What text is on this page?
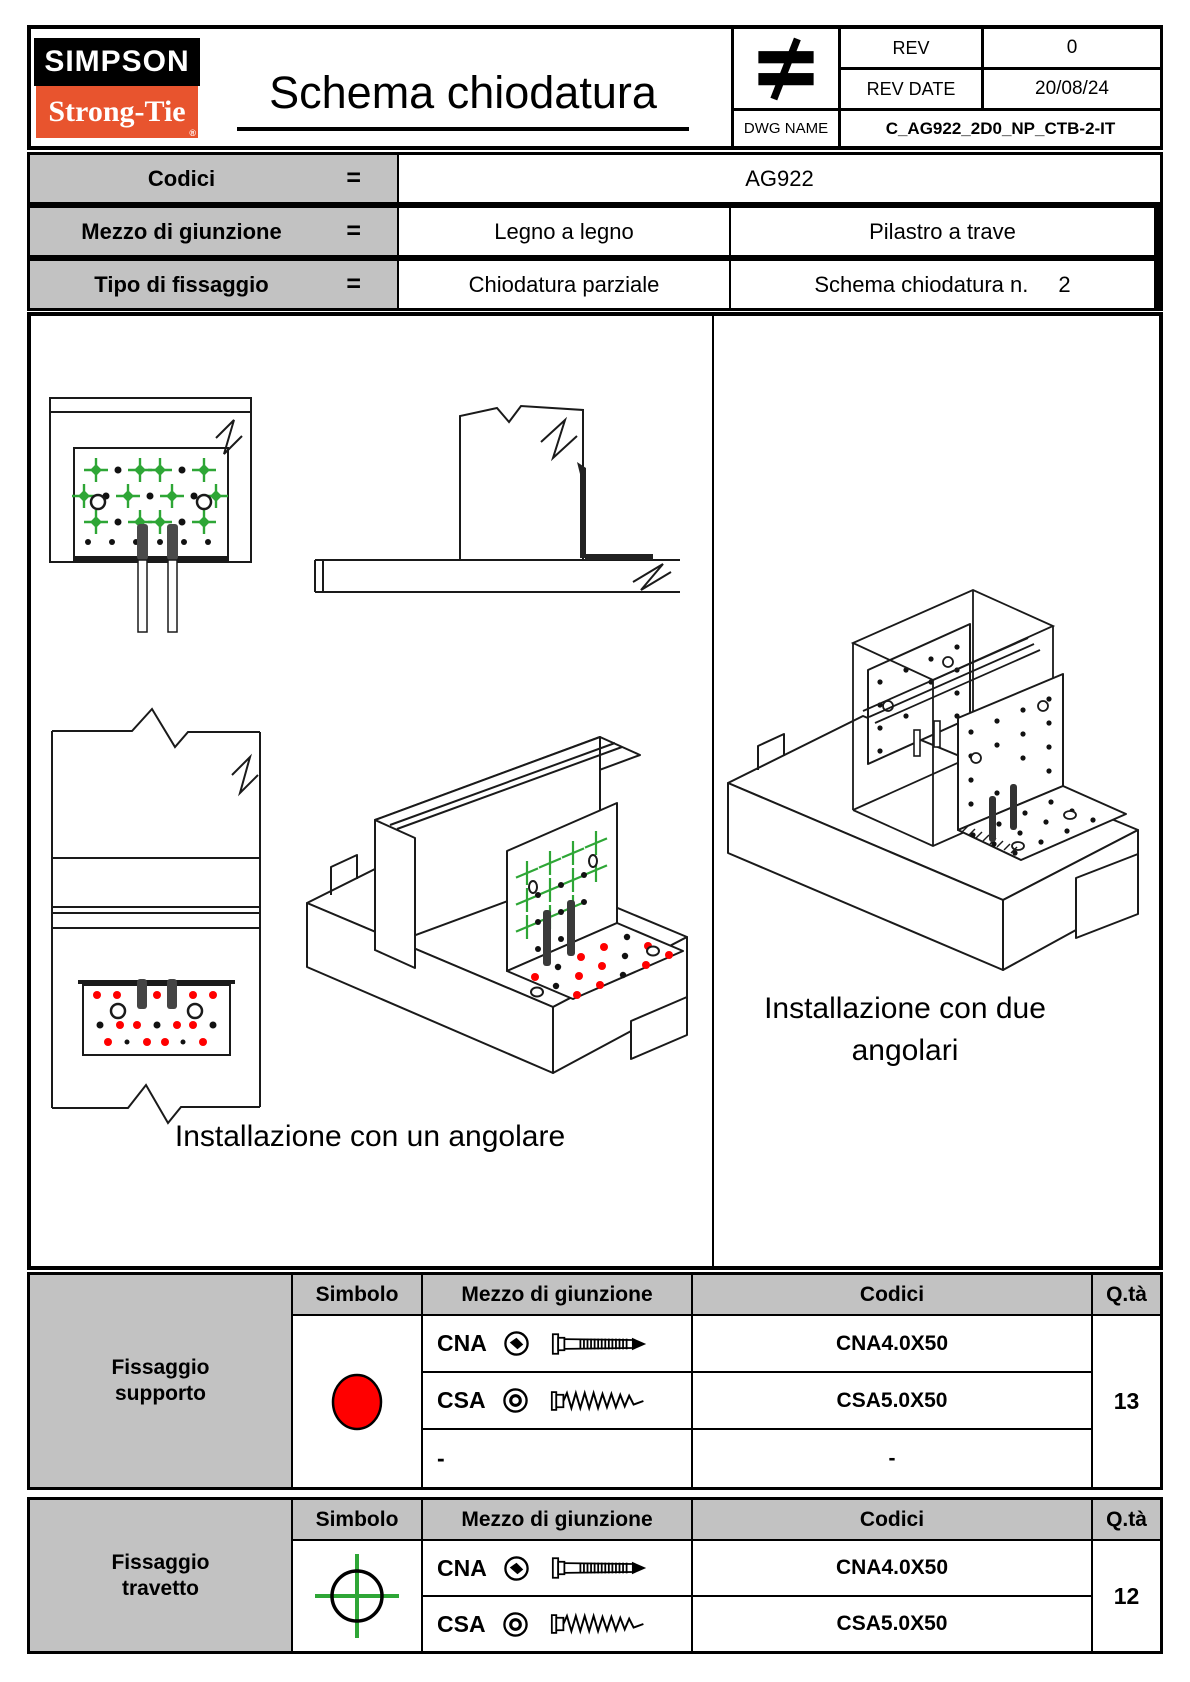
SIMPSON
Strong-Tie
®
Schema chiodatura
REV	0
REV DATE	20/08/24
DWG NAME	C_AG922_2D0_NP_CTB-2-IT
Codici	=	AG922
Mezzo di giunzione	=	Legno a legno	Pilastro a trave
Tipo di fissaggio	=	Chiodatura parziale	Schema chiodatura n. 2
Installazione con un angolare
Installazione con due
angolari
Fissaggio supporto
Simbolo	Mezzo di giunzione	Codici	Q.tà
CNA	CNA4.0X50
13
CSA	CSA5.0X50
-	-
Fissaggio travetto
Simbolo	Mezzo di giunzione	Codici	Q.tà
CNA	CNA4.0X50
12
CSA	CSA5.0X50
